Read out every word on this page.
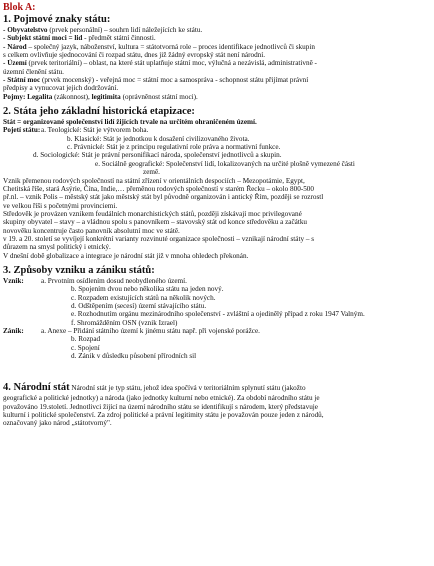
Blok A:
1. Pojmové znaky státu:
- Obyvatelstvo (prvek personální) – souhrn lidí náležejících ke státu.
- Subjekt státní moci = lid - předmět státní činnosti.
- Národ – společný jazyk, náboženství, kultura = státotvorná role – proces identifikace jednotlivců či skupin
s celkem ovlivňuje sjednocování či rozpad státu, dnes již žádný evropský stát není národní.
- Území (prvek teritoriální) – oblast, na které stát uplatňuje státní moc, výlučná a nezávislá, administrativně -
územní členění státu.
- Státní moc (prvek mocenský) - veřejná moc = státní moc a samospráva - schopnost státu přijímat právní
předpisy a vynucovat jejich dodržování.
Pojmy: Legalita (zákonnost), legitimita (oprávněnost státní moci).
2. Státa jeho základní historická etapizace:
Stát = organizované společenství lidí žijících trvale na určitém ohraničeném území.
Pojetí státu: a. Teologické: Stát je výtvorem boha.
b. Klasické: Stát je jednotkou k dosažení civilizovaného života.
c. Právnické: Stát je z principu regulativní role práva a normativní funkce.
d. Sociologické: Stát je právní personifikací národa, společenství jednotlivců a skupin.
e. Sociálně geografické: Společenství lidí, lokalizovaných na určité plošně vymezené části
země.
Vznik přemenou rodových společností na státní zřízení v orientálních despociích – Mezopotámie, Egypt,
Chetitská říše, stará Asýrie, Čína, Indie,… přeměnou rodových společností v starém Řecku – okolo 800-500
př.nl. – vznik Polis – městský stát jako městský stát byl původně organizován i antický Řím, později se rozrostl
ve velkou říši s početnými provinciemi.
Středověk je provázen vznikem feudálních monarchistických států, později získávají moc privilegované
skupiny obyvatel – stavy – a vládnou spolu s panovníkem – stavovský stát od konce středověku a začátku
novověku koncentruje často panovník absolutní moc ve státě.
v 19. a 20. století se vyvíjejí konkrétní varianty rozvinuté organizace společnosti – vznikají národní státy – s
důrazem na smysl politický i etnický.
V dnešní době globalizace a integrace je národní stát již v mnoha ohledech překonán.
3. Způsoby vzniku a zániku států:
Vznik:	a. Prvotním osídlením dosud neobydleného území.
b. Spojením dvou nebo několika státu na jeden nový.
c. Rozpadem existujících států na několik nových.
d. Odštěpením (secesí) území stávajícího státu.
e. Rozhodnutím orgánu mezinárodního společenství - zvláštní a ojedinělý případ z roku 1947 Valným.
f. Shromážděním OSN (vznik Izrael)
Zánik:	a. Anexe – Přidání státního území k jinému státu např. při vojenské porážce.
b. Rozpad
c. Spojení
d. Zánik v důsledku působení přírodních sil
4. Národní stát Národní stát je typ státu, jehož idea spočívá v teritoriálním splynutí státu (jakožto
geografické a politické jednotky) a národa (jako jednotky kulturní nebo etnické). Za období národního státu je
považováno 19.století. Jednotlivci žijící na území národního státu se identifikují s národem, který představuje
kulturní i politické společenství. Za zdroj politické a právní legitimity státu je považován pouze jeden z národů,
označovaný jako národ „státotvorný".
